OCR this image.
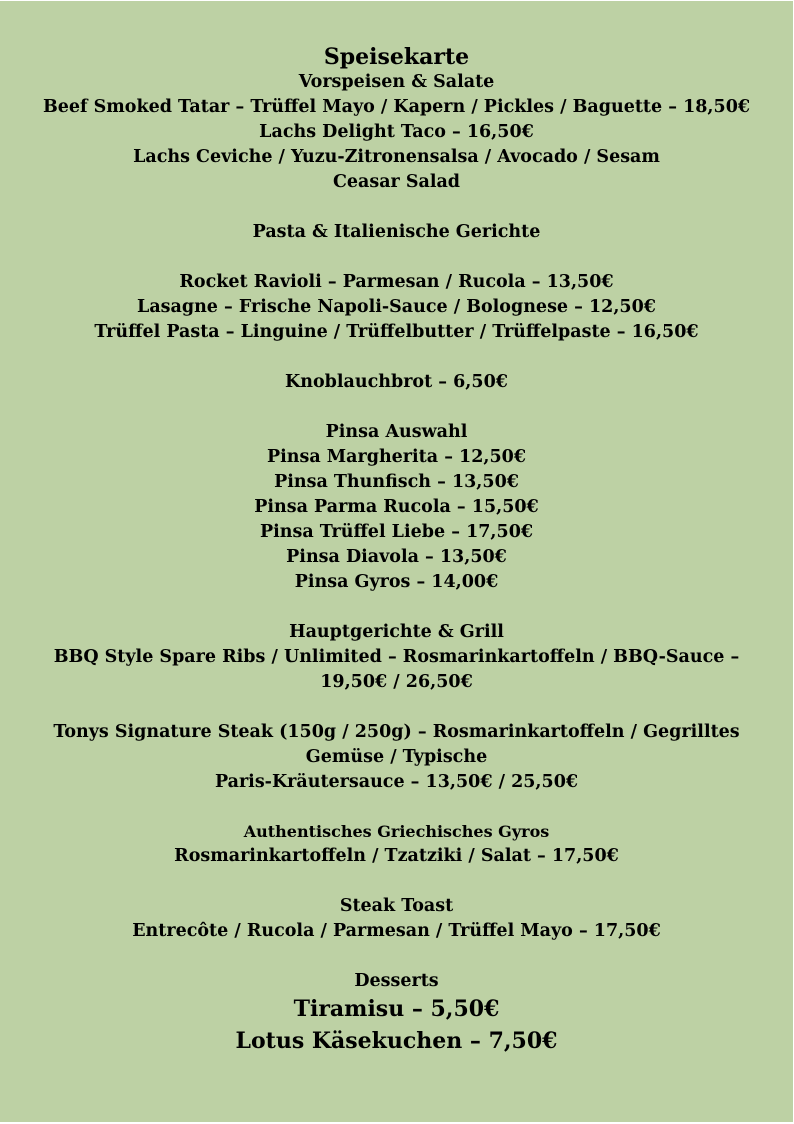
Speisekarte
Vorspeisen & Salate
Beef Smoked Tatar – Trüffel Mayo / Kapern / Pickles / Baguette – 18,50€
Lachs Delight Taco – 16,50€
Lachs Ceviche / Yuzu-Zitronensalsa / Avocado / Sesam
Ceasar Salad
Pasta & Italienische Gerichte
Rocket Ravioli – Parmesan / Rucola – 13,50€
Lasagne – Frische Napoli-Sauce / Bolognese – 12,50€
Trüffel Pasta – Linguine / Trüffelbutter / Trüffelpaste – 16,50€
Knoblauchbrot – 6,50€
Pinsa Auswahl
Pinsa Margherita – 12,50€
Pinsa Thunfisch – 13,50€
Pinsa Parma Rucola – 15,50€
Pinsa Trüffel Liebe – 17,50€
Pinsa Diavola – 13,50€
Pinsa Gyros – 14,00€
Hauptgerichte & Grill
BBQ Style Spare Ribs / Unlimited – Rosmarinkartoffeln / BBQ-Sauce –
19,50€ / 26,50€
Tonys Signature Steak (150g / 250g) – Rosmarinkartoffeln / Gegrilltes
Gemüse / Typische
Paris-Kräutersauce – 13,50€ / 25,50€
Authentisches Griechisches Gyros
Rosmarinkartoffeln / Tzatziki / Salat – 17,50€
Steak Toast
Entrecôte / Rucola / Parmesan / Trüffel Mayo – 17,50€
Desserts
Tiramisu – 5,50€
Lotus Käsekuchen – 7,50€
